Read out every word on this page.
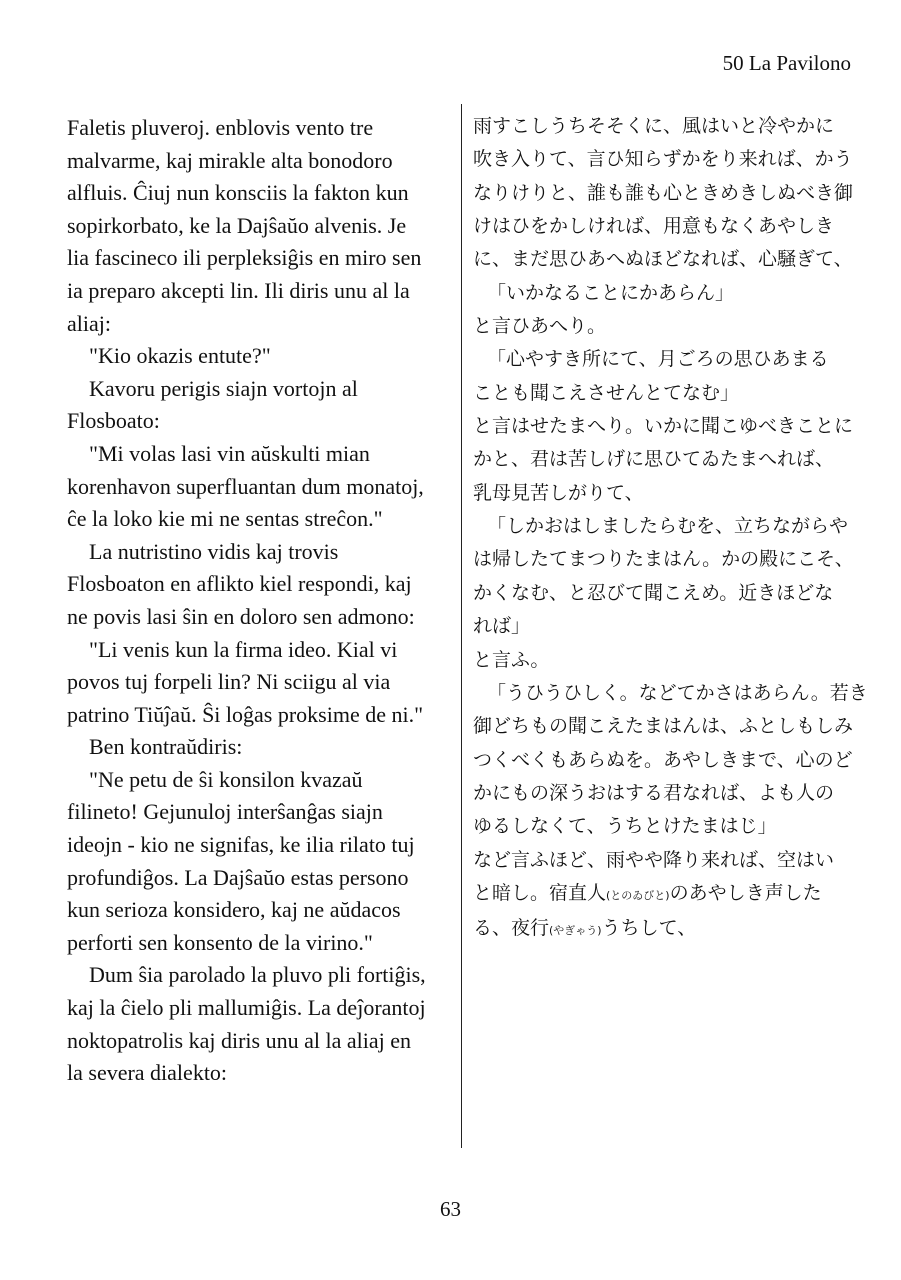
50 La Pavilono

Faletis pluveroj. enblovis vento tre

malvarme, kaj mirakle alta bonodoro

alfluis. Ĉiuj nun konsciis la fakton kun

sopirkorbato, ke la Dajŝaŭo alvenis. Je

lia fascineco ili perpleksiĝis en miro sen

ia preparo akcepti lin. Ili diris unu al la

aliaj:

"Kio okazis entute?"

Kavoru perigis siajn vortojn al

Flosboato:

"Mi volas lasi vin aŭskulti mian

korenhavon superfluantan dum monatoj,

ĉe la loko kie mi ne sentas streĉon."

La nutristino vidis kaj trovis

Flosboaton en aflikto kiel respondi, kaj

ne povis lasi ŝin en doloro sen admono:

"Li venis kun la firma ideo. Kial vi

povos tuj forpeli lin? Ni sciigu al via

patrino Tiŭĵaŭ. Ŝi loĝas proksime de ni."

Ben kontraŭdiris:

"Ne petu de ŝi konsilon kvazaŭ

filineto! Gejunuloj interŝanĝas siajn

ideojn - kio ne signifas, ke ilia rilato tuj

profundiĝos. La Dajŝaŭo estas persono

kun serioza konsidero, kaj ne aŭdacos

perforti sen konsento de la virino."

Dum ŝia parolado la pluvo pli fortiĝis,

kaj la ĉielo pli mallumiĝis. La deĵorantoj

noktopatrolis kaj diris unu al la aliaj en

la severa dialekto:

雨すこしうちそそくに、風はいと冷やかに

吹き入りて、言ひ知らずかをり来れば、かう

なりけりと、誰も誰も心ときめきしぬべき御

けはひをかしければ、用意もなくあやしき

に、まだ思ひあへぬほどなれば、心騒ぎて、

「いかなることにかあらん」

と言ひあへり。

「心やすき所にて、月ごろの思ひあまる

ことも聞こえさせんとてなむ」

と言はせたまへり。いかに聞こゆべきことに

かと、君は苦しげに思ひてゐたまへれば、

乳母見苦しがりて、

「しかおはしましたらむを、立ちながらや

は帰したてまつりたまはん。かの殿にこそ、

かくなむ、と忍びて聞こえめ。近きほどな

れば」

と言ふ。

「うひうひしく。などてかさはあらん。若き

御どちもの聞こえたまはんは、ふとしもしみ

つくべくもあらぬを。あやしきまで、心のど

かにもの深うおはする君なれば、よも人の

ゆるしなくて、うちとけたまはじ」

など言ふほど、雨やや降り来れば、空はい

と暗し。宿直人(とのゐびと)のあやしき声した

る、夜行(やぎゃう)うちして、

63
